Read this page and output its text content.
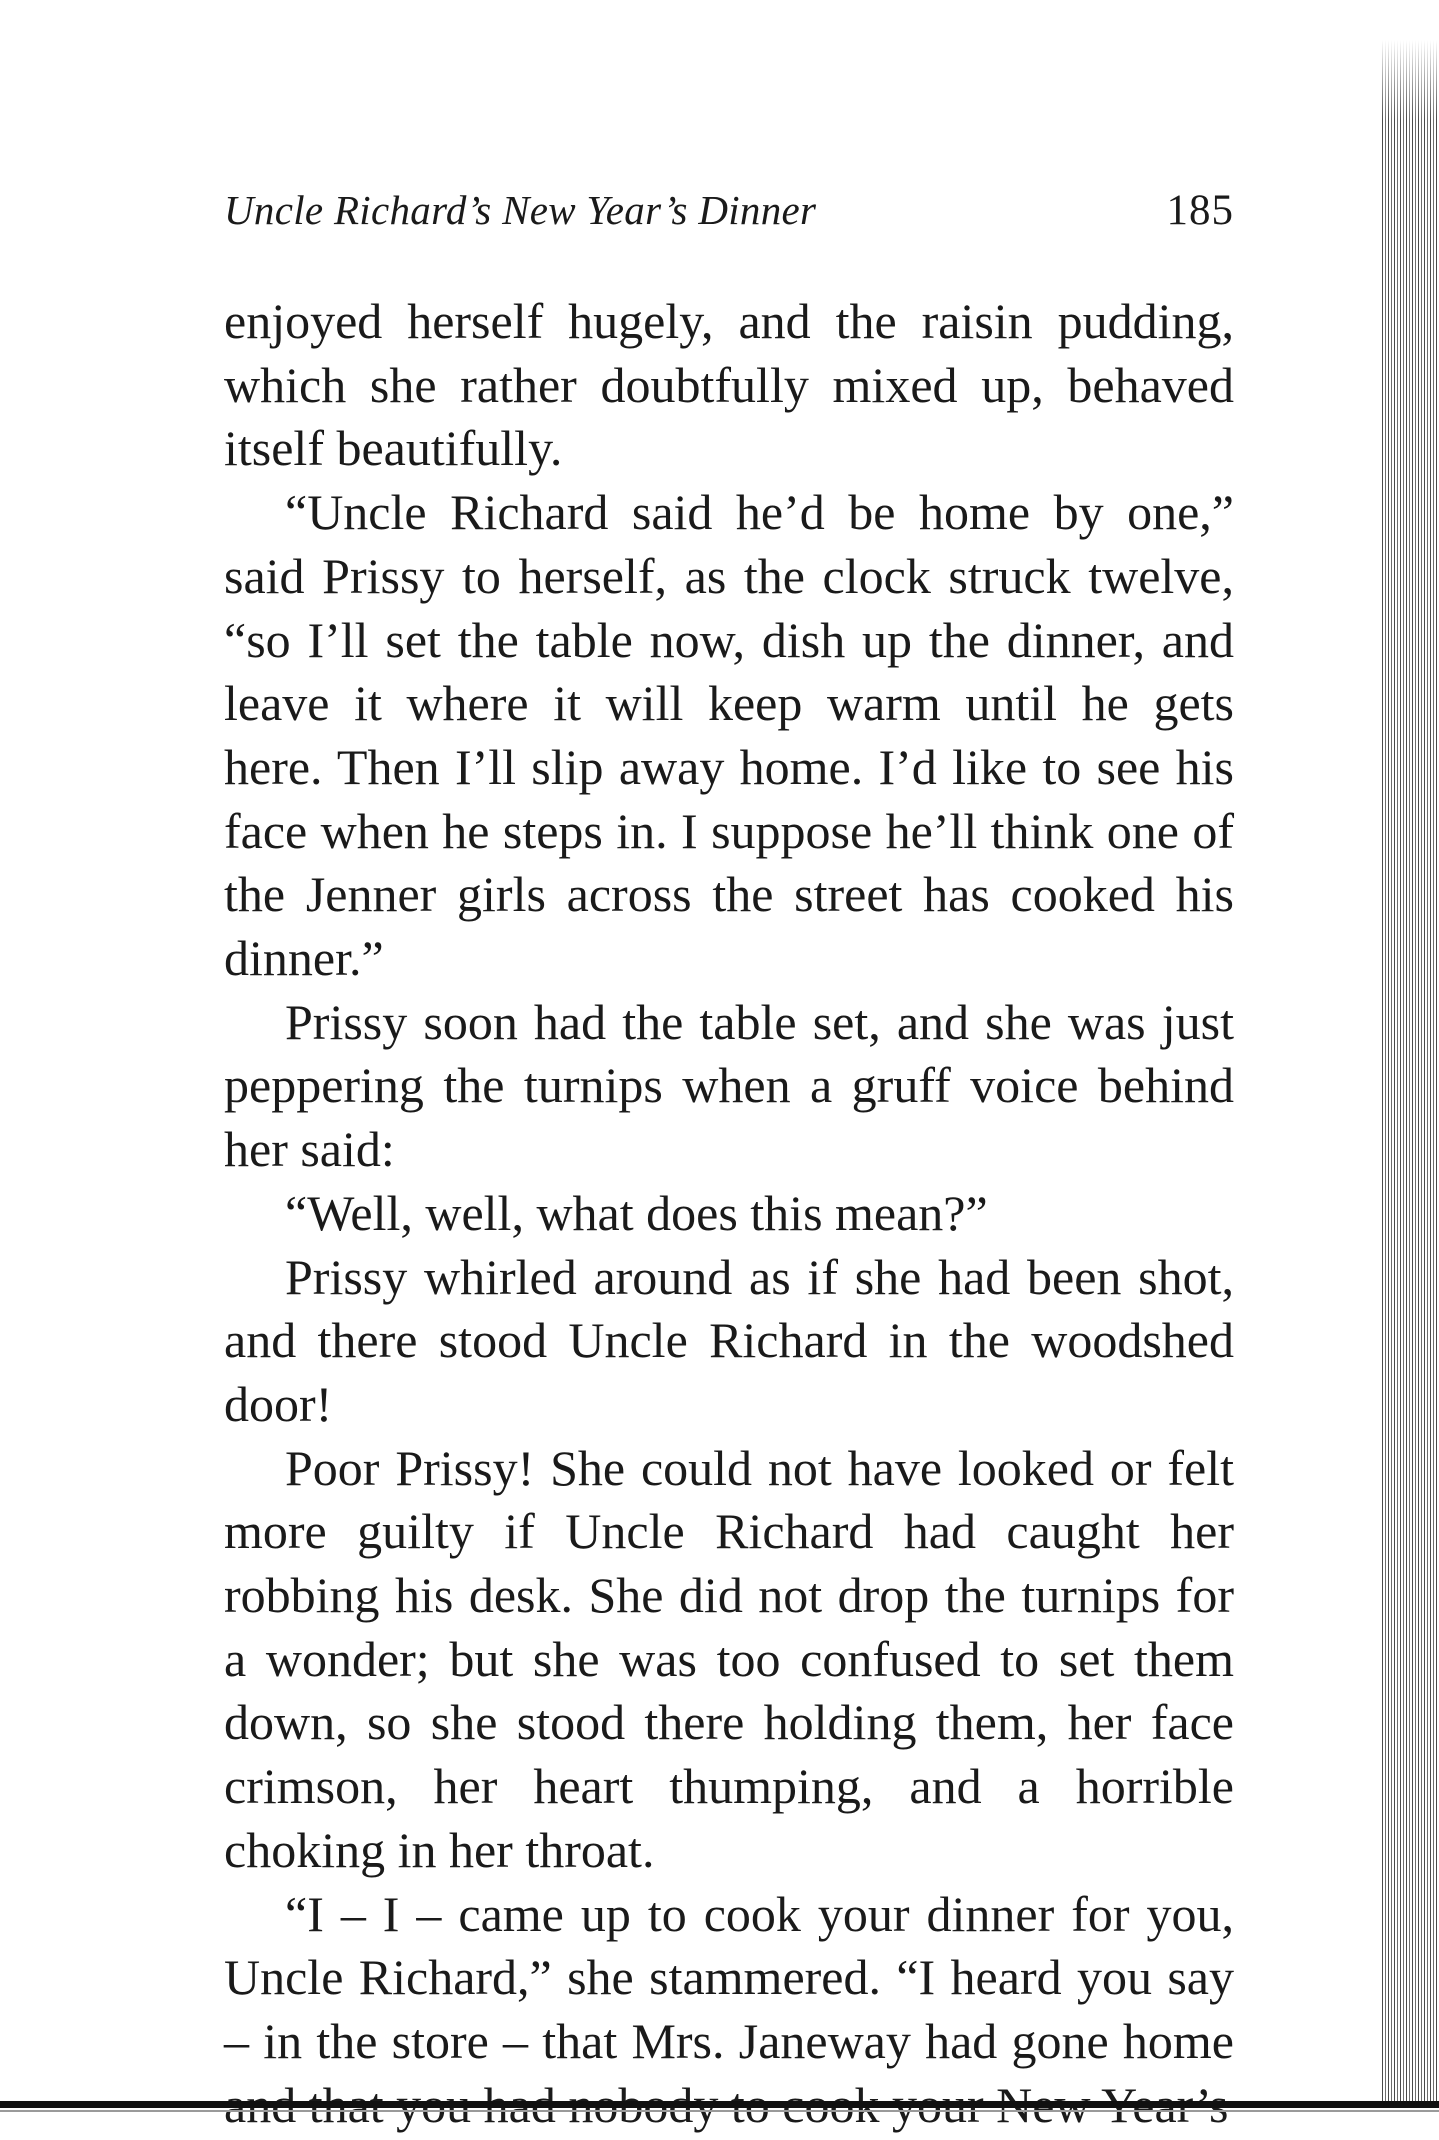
Uncle Richard’s New Year’s Dinner	185

enjoyed herself hugely, and the raisin pudding, which she rather doubtfully mixed up, behaved itself beautifully.

“Uncle Richard said he’d be home by one,” said Prissy to herself, as the clock struck twelve, “so I’ll set the table now, dish up the dinner, and leave it where it will keep warm until he gets here. Then I’ll slip away home. I’d like to see his face when he steps in. I suppose he’ll think one of the Jenner girls across the street has cooked his dinner.”

Prissy soon had the table set, and she was just peppering the turnips when a gruff voice behind her said:

“Well, well, what does this mean?”

Prissy whirled around as if she had been shot, and there stood Uncle Richard in the woodshed door!

Poor Prissy! She could not have looked or felt more guilty if Uncle Richard had caught her robbing his desk. She did not drop the turnips for a wonder; but she was too confused to set them down, so she stood there holding them, her face crimson, her heart thumping, and a horrible choking in her throat.

“I – I – came up to cook your dinner for you, Uncle Richard,” she stammered. “I heard you say – in the store – that Mrs. Janeway had gone home
